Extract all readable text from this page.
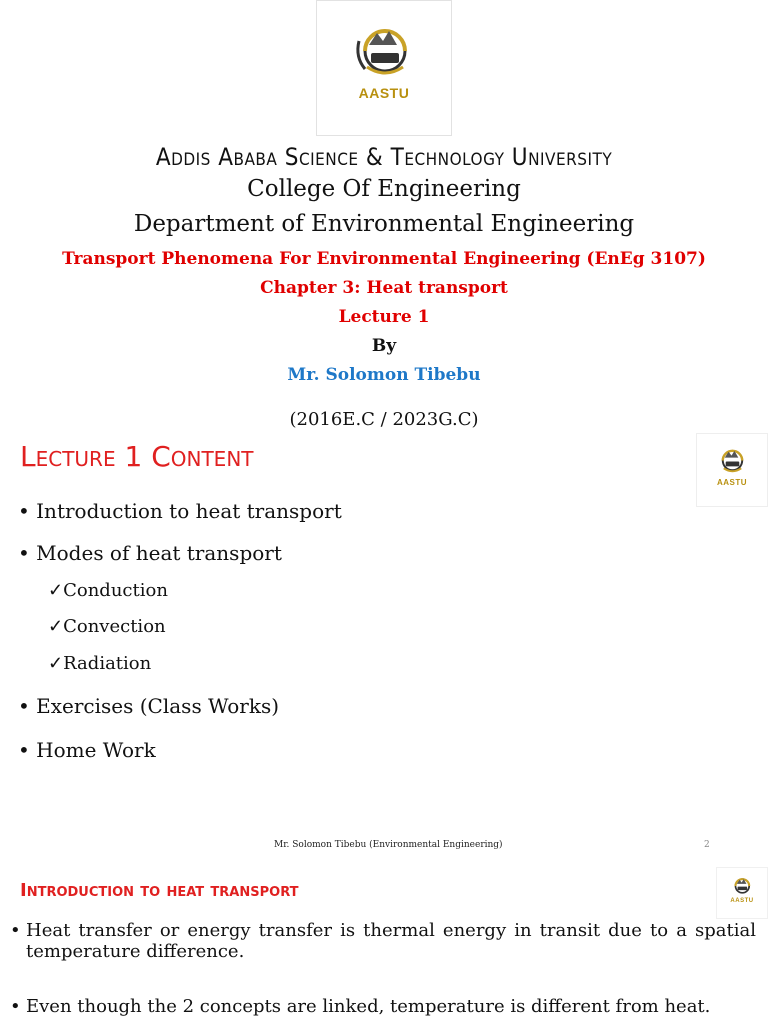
AASTU
Addis Ababa Science & Technology University
College Of Engineering
Department of Environmental Engineering
Transport Phenomena For Environmental Engineering (EnEg 3107)
Chapter 3: Heat transport
Lecture 1
By
Mr. Solomon Tibebu
(2016E.C / 2023G.C)
Lecture 1 Content
AASTU
• Introduction to heat transport
• Modes of heat transport
✓Conduction
✓Convection
✓Radiation
• Exercises (Class Works)
• Home Work
Mr. Solomon Tibebu (Environmental Engineering)	2
Introduction to heat transport	AASTU
• Heat transfer or energy transfer is thermal energy in transit due to a spatial temperature difference.
• Even though the 2 concepts are linked, temperature is different from heat.
